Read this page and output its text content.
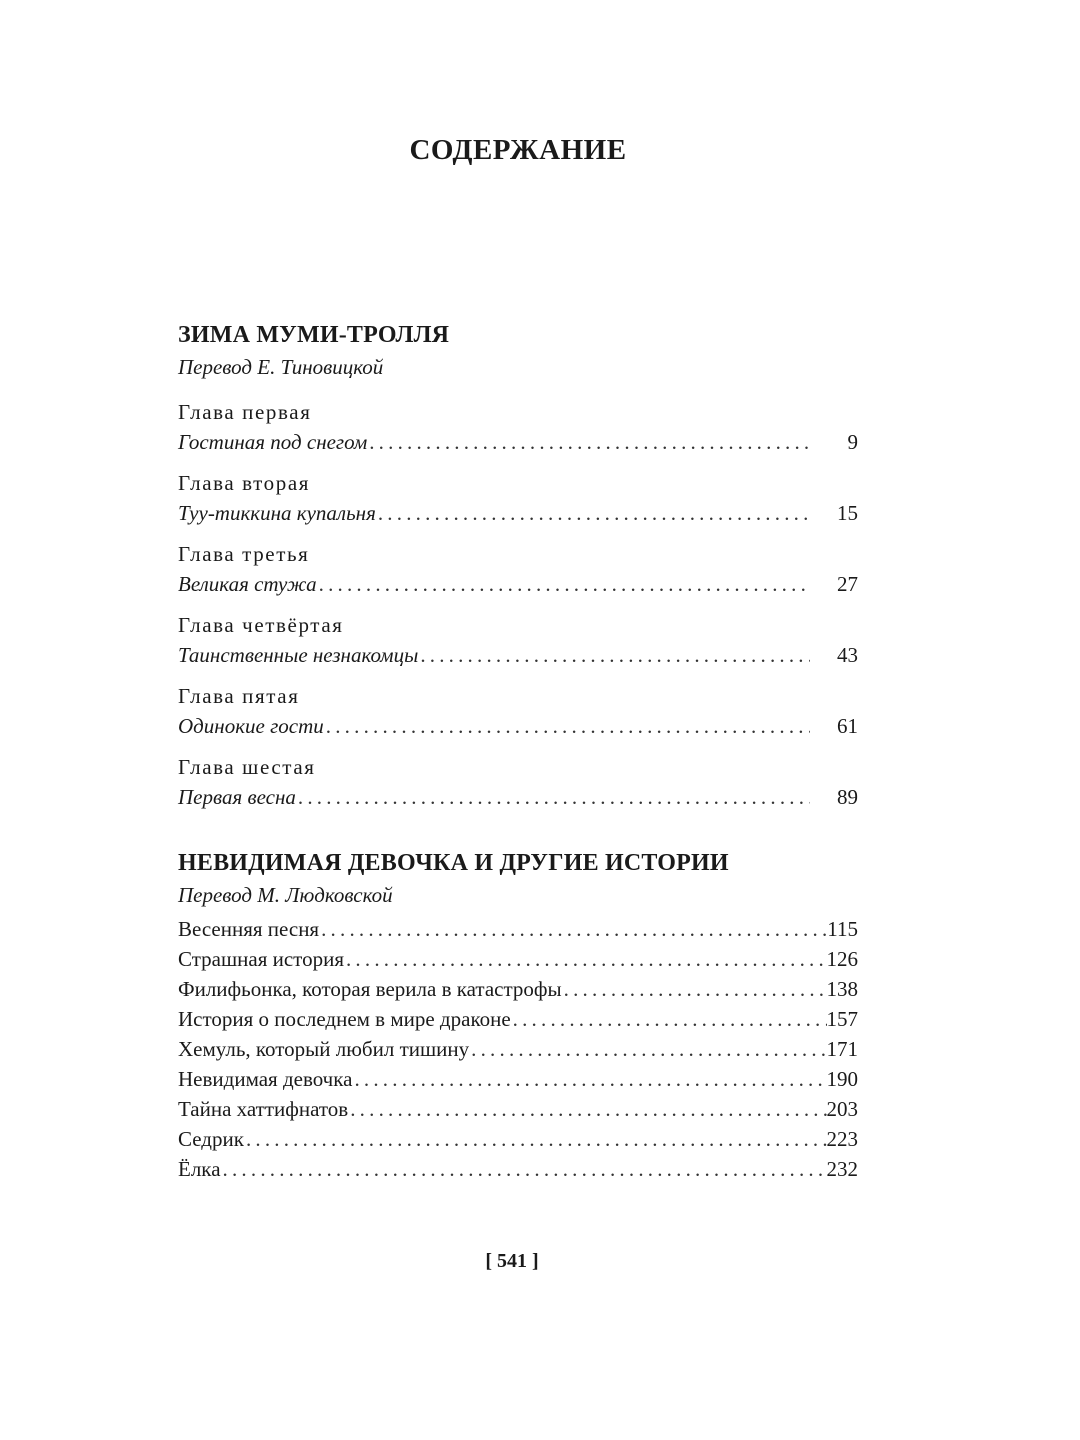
СОДЕРЖАНИЕ
ЗИМА МУМИ-ТРОЛЛЯ

Перевод Е. Тиновицкой

Глава первая

Гостиная под снегом .....	9

Глава вторая

Туу-тиккина купальня .....	15

Глава третья

Великая стужа .....	27

Глава четвёртая

Таинственные незнакомцы .....	43

Глава пятая

Одинокие гости .....	61

Глава шестая

Первая весна .....	89
НЕВИДИМАЯ ДЕВОЧКА И ДРУГИЕ ИСТОРИИ

Перевод М. Людковской

Весенняя песня .....	115
Страшная история .....	126
Филифьонка, которая верила в катастрофы .....	138
История о последнем в мире драконе .....	157
Хемуль, который любил тишину .....	171
Невидимая девочка .....	190
Тайна хаттифнатов .....	203
Седрик .....	223
Ёлка .....	232

[ 541 ]
